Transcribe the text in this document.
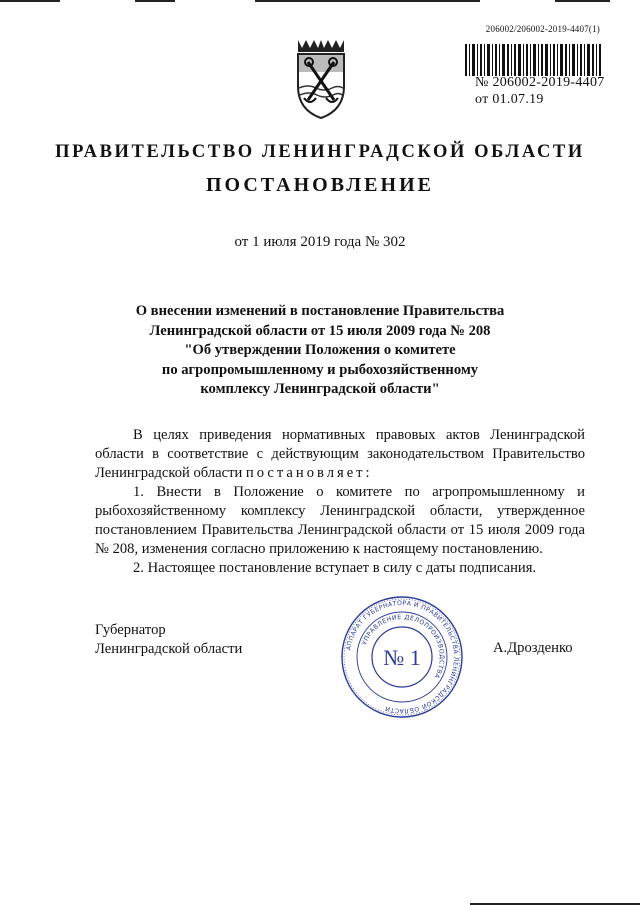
206002/206002-2019-4407(1)
№ 206002-2019-4407
от 01.07.19
ПРАВИТЕЛЬСТВО ЛЕНИНГРАДСКОЙ ОБЛАСТИ
ПОСТАНОВЛЕНИЕ
от 1 июля 2019 года № 302
О внесении изменений в постановление Правительства
Ленинградской области от 15 июля 2009 года № 208
"Об утверждении Положения о комитете
по агропромышленному и рыбохозяйственному
комплексу Ленинградской области"

В целях приведения нормативных правовых актов Ленинградской области в соответствие с действующим законодательством Правительство Ленинградской области постановляет:

1. Внести в Положение о комитете по агропромышленному и рыбохозяйственному комплексу Ленинградской области, утвержденное постановлением Правительства Ленинградской области от 15 июля 2009 года № 208, изменения согласно приложению к настоящему постановлению.

2. Настоящее постановление вступает в силу с даты подписания.

Губернатор
Ленинградской области	АППАРАТ ГУБЕРНАТОРА И ПРАВИТЕЛЬСТВА ЛЕНИНГРАДСКОЙ ОБЛАСТИ
УПРАВЛЕНИЕ ДЕЛОПРОИЗВОДСТВА
№ 1	А.Дрозденко
